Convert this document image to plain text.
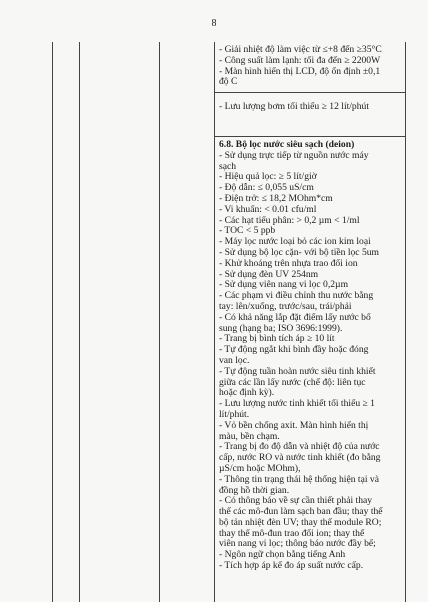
8
- Giải nhiệt độ làm việc từ ≤+8 đến ≥35°C
- Công suất làm lạnh: tối đa đến ≥ 2200W
- Màn hình hiển thị LCD, độ ổn định ±0,1
độ C
- Lưu lượng bơm tối thiểu ≥ 12 lít/phút
6.8. Bộ lọc nước siêu sạch (deion)
- Sử dụng trực tiếp từ nguồn nước máy
sạch
- Hiệu quả lọc: ≥ 5 lít/giờ
- Độ dẫn: ≤ 0,055 uS/cm
- Điện trở: ≤ 18,2 MOhm*cm
- Vi khuẩn: < 0.01 cfu/ml
- Các hạt tiểu phân: > 0,2 µm < 1/ml
- TOC < 5 ppb
- Máy lọc nước loại bỏ các ion kim loại
- Sử dụng bộ lọc cặn- với bộ tiền lọc 5um
- Khử khoáng trên nhựa trao đổi ion
- Sử dụng đèn UV 254nm
- Sử dụng viên nang vi lọc 0,2µm
- Các phạm vi điều chỉnh thu nước bằng
tay: lên/xuống, trước/sau, trái/phải
- Có khả năng lắp đặt điểm lấy nước bổ
sung (hạng ba; ISO 3696:1999).
- Trang bị bình tích áp ≥ 10 lít
- Tự động ngắt khi bình đầy hoặc đóng
van lọc.
- Tự động tuần hoàn nước siêu tinh khiết
giữa các lần lấy nước (chế độ: liên tục
hoặc định kỳ).
- Lưu lượng nước tinh khiết tối thiểu ≥ 1
lít/phút.
- Vỏ bền chống axit. Màn hình hiển thị
màu, bền chạm.
- Trang bị đo độ dẫn và nhiệt độ của nước
cấp, nước RO và nước tinh khiết (đo bằng
µS/cm hoặc MOhm),
- Thông tin trạng thái hệ thống hiện tại và
đồng hồ thời gian.
- Có thông báo về sự cần thiết phải thay
thế các mô-đun làm sạch ban đầu; thay thế
bộ tản nhiệt đèn UV; thay thế module RO;
thay thế mô-đun trao đổi ion; thay thế
viên nang vi lọc; thông báo nước đầy bể;
- Ngôn ngữ chọn bằng tiếng Anh
- Tích hợp áp kế đo áp suất nước cấp.
